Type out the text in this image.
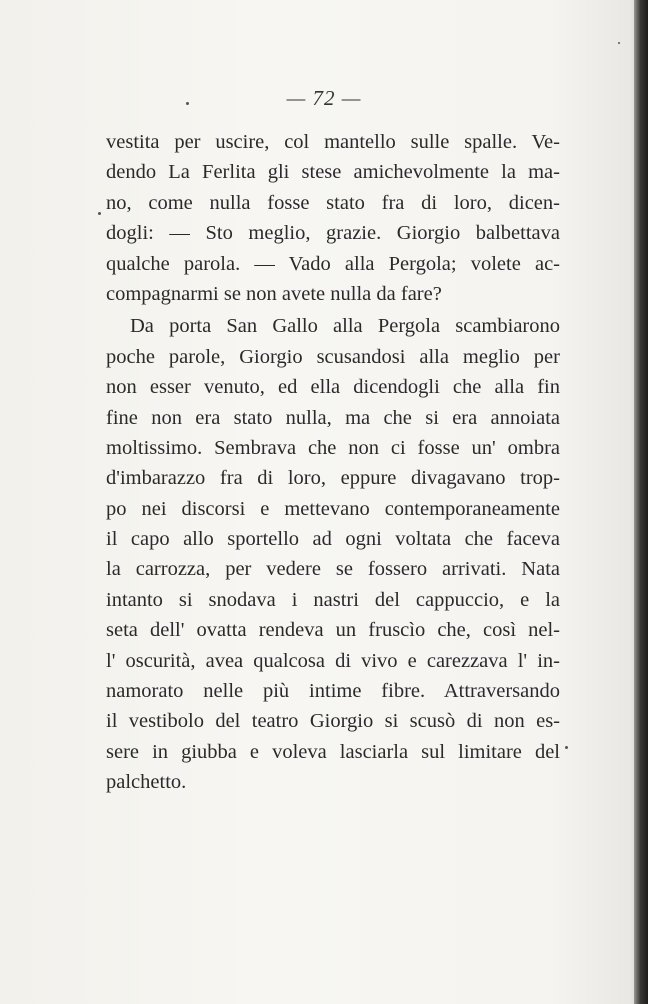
— 72 —
vestita per uscire, col mantello sulle spalle. Ve-
dendo La Ferlita gli stese amichevolmente la ma-
no, come nulla fosse stato fra di loro, dicen-
dogli: — Sto meglio, grazie. Giorgio balbettava
qualche parola. — Vado alla Pergola; volete ac-
compagnarmi se non avete nulla da fare?
Da porta San Gallo alla Pergola scambiarono
poche parole, Giorgio scusandosi alla meglio per
non esser venuto, ed ella dicendogli che alla fin
fine non era stato nulla, ma che si era annoiata
moltissimo. Sembrava che non ci fosse un' ombra
d'imbarazzo fra di loro, eppure divagavano trop-
po nei discorsi e mettevano contemporaneamente
il capo allo sportello ad ogni voltata che faceva
la carrozza, per vedere se fossero arrivati. Nata
intanto si snodava i nastri del cappuccio, e la
seta dell' ovatta rendeva un fruscìo che, così nel-
l' oscurità, avea qualcosa di vivo e carezzava l' in-
namorato nelle più intime fibre. Attraversando
il vestibolo del teatro Giorgio si scusò di non es-
sere in giubba e voleva lasciarla sul limitare del
palchetto.
